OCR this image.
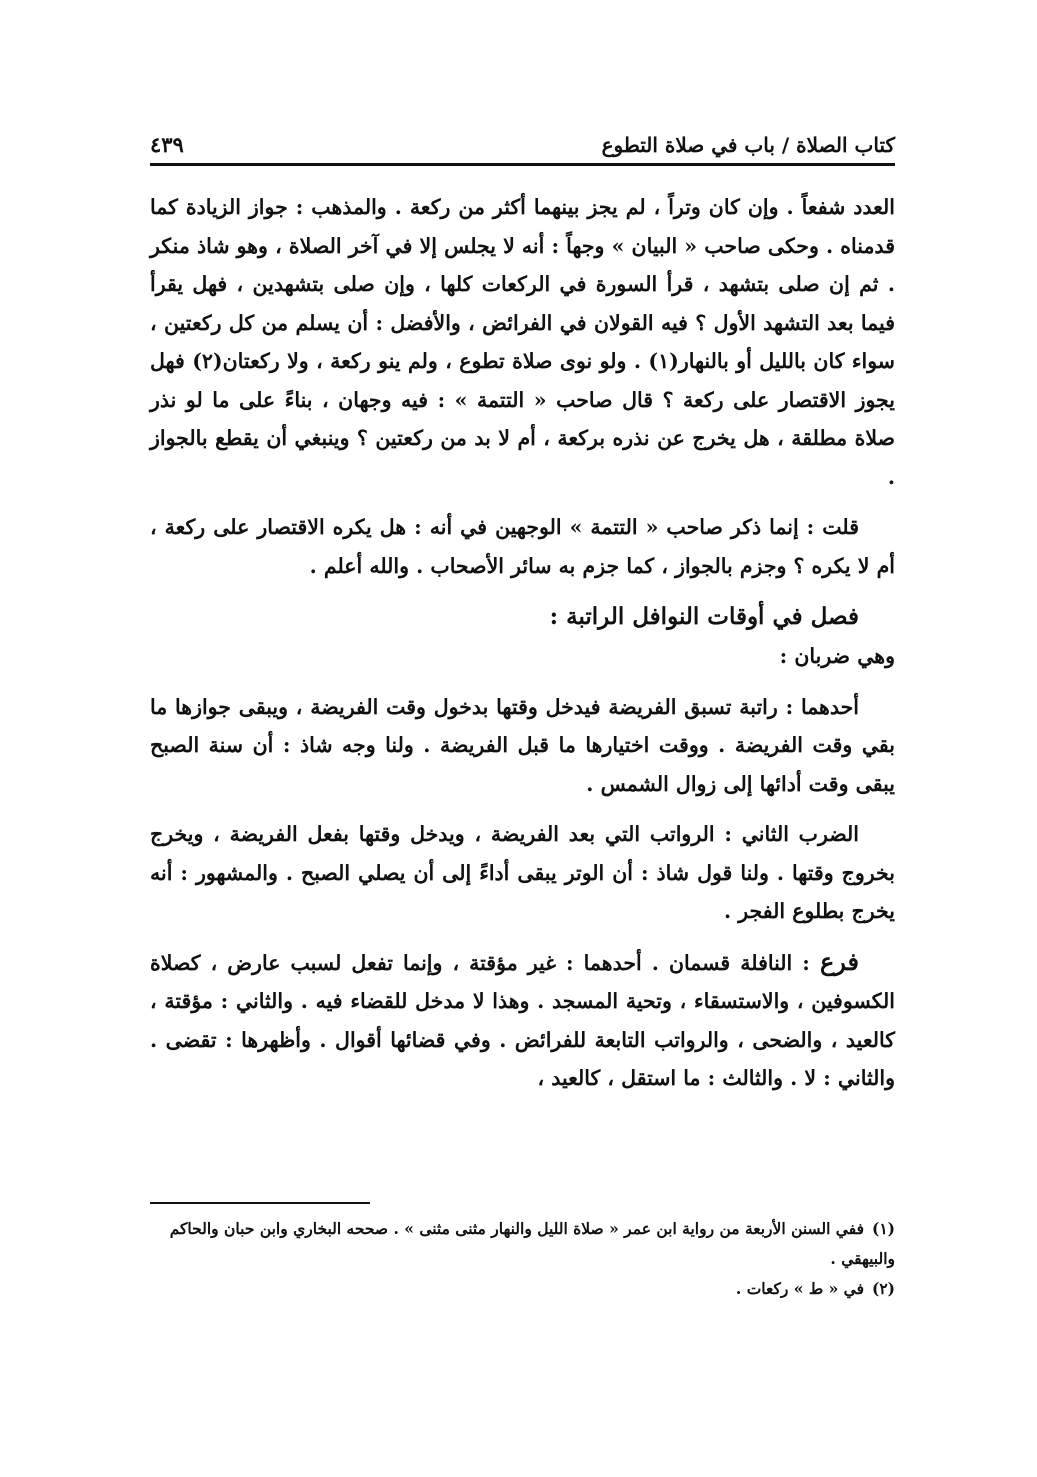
كتاب الصلاة / باب في صلاة التطوع
٤٣٩

العدد شفعاً . وإن كان وتراً ، لم يجز بينهما أكثر من ركعة . والمذهب : جواز الزيادة كما قدمناه . وحكى صاحب « البيان » وجهاً : أنه لا يجلس إلا في آخر الصلاة ، وهو شاذ منكر . ثم إن صلى بتشهد ، قرأ السورة في الركعات كلها ، وإن صلى بتشهدين ، فهل يقرأ فيما بعد التشهد الأول ؟ فيه القولان في الفرائض ، والأفضل : أن يسلم من كل ركعتين ، سواء كان بالليل أو بالنهار(١) . ولو نوى صلاة تطوع ، ولم ينو ركعة ، ولا ركعتان(٢) فهل يجوز الاقتصار على ركعة ؟ قال صاحب « التتمة » : فيه وجهان ، بناءً على ما لو نذر صلاة مطلقة ، هل يخرج عن نذره بركعة ، أم لا بد من ركعتين ؟ وينبغي أن يقطع بالجواز .

قلت : إنما ذكر صاحب « التتمة » الوجهين في أنه : هل يكره الاقتصار على ركعة ، أم لا يكره ؟ وجزم بالجواز ، كما جزم به سائر الأصحاب . والله أعلم .

فصل في أوقات النوافل الراتبة :

وهي ضربان :

أحدهما : راتبة تسبق الفريضة فيدخل وقتها بدخول وقت الفريضة ، ويبقى جوازها ما بقي وقت الفريضة . ووقت اختيارها ما قبل الفريضة . ولنا وجه شاذ : أن سنة الصبح يبقى وقت أدائها إلى زوال الشمس .

الضرب الثاني : الرواتب التي بعد الفريضة ، ويدخل وقتها بفعل الفريضة ، ويخرج بخروج وقتها . ولنا قول شاذ : أن الوتر يبقى أداءً إلى أن يصلي الصبح . والمشهور : أنه يخرج بطلوع الفجر .

فرع : النافلة قسمان . أحدهما : غير مؤقتة ، وإنما تفعل لسبب عارض ، كصلاة الكسوفين ، والاستسقاء ، وتحية المسجد . وهذا لا مدخل للقضاء فيه . والثاني : مؤقتة ، كالعيد ، والضحى ، والرواتب التابعة للفرائض . وفي قضائها أقوال . وأظهرها : تقضى . والثاني : لا . والثالث : ما استقل ، كالعيد ،

(١)ففي السنن الأربعة من رواية ابن عمر « صلاة الليل والنهار مثنى مثنى » . صححه البخاري وابن حبان والحاكم والبيهقي .

(٢)في « ط » ركعات .
